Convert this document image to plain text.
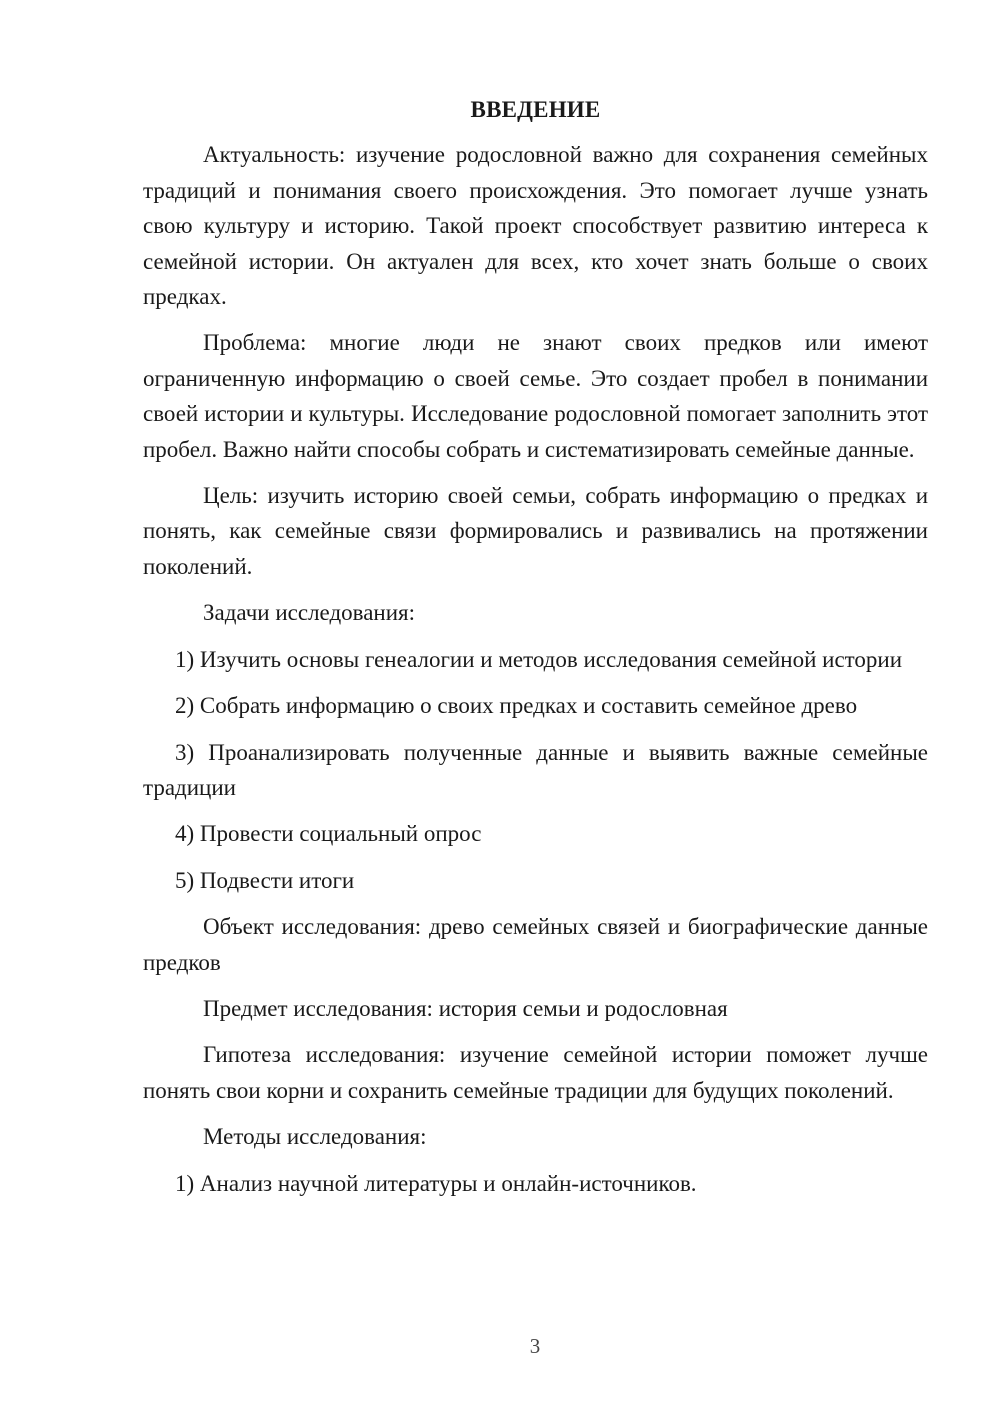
ВВЕДЕНИЕ

Актуальность: изучение родословной важно для сохранения семейных традиций и понимания своего происхождения. Это помогает лучше узнать свою культуру и историю. Такой проект способствует развитию интереса к семейной истории. Он актуален для всех, кто хочет знать больше о своих предках.

Проблема: многие люди не знают своих предков или имеют ограниченную информацию о своей семье. Это создает пробел в понимании своей истории и культуры. Исследование родословной помогает заполнить этот пробел. Важно найти способы собрать и систематизировать семейные данные.

Цель: изучить историю своей семьи, собрать информацию о предках и понять, как семейные связи формировались и развивались на протяжении поколений.

Задачи исследования:

1) Изучить основы генеалогии и методов исследования семейной истории

2) Собрать информацию о своих предках и составить семейное древо

3) Проанализировать полученные данные и выявить важные семейные традиции

4) Провести социальный опрос

5) Подвести итоги

Объект исследования: древо семейных связей и биографические данные предков

Предмет исследования: история семьи и родословная

Гипотеза исследования: изучение семейной истории поможет лучше понять свои корни и сохранить семейные традиции для будущих поколений.

Методы исследования:

1) Анализ научной литературы и онлайн-источников.

3
